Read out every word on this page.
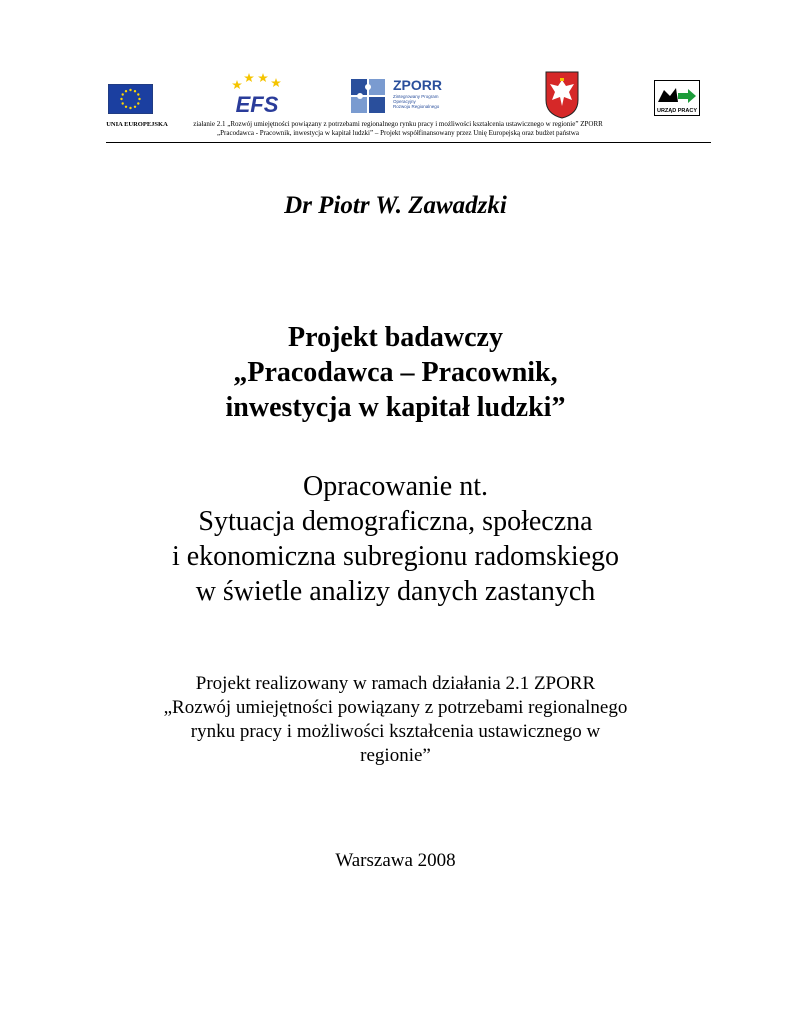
EFS
ZPORR
Zintegrowany Program
Operacyjny
Rozwoju Regionalnego
URZĄD PRACY
UNIA EUROPEJSKA	ziałanie 2.1 „Rozwój umiejętności powiązany z potrzebami regionalnego rynku pracy i możliwości kształcenia ustawicznego w regionie” ZPORR
„Pracodawca - Pracownik, inwestycja w kapitał ludzki” – Projekt współfinansowany przez Unię Europejską oraz budżet państwa
Dr Piotr W. Zawadzki
Projekt badawczy
„Pracodawca – Pracownik,
inwestycja w kapitał ludzki”
Opracowanie nt.
Sytuacja demograficzna, społeczna
i ekonomiczna subregionu radomskiego
w świetle analizy danych zastanych
Projekt realizowany w ramach działania 2.1 ZPORR
„Rozwój umiejętności powiązany z potrzebami regionalnego
rynku pracy i możliwości kształcenia ustawicznego w
regionie”
Warszawa 2008
